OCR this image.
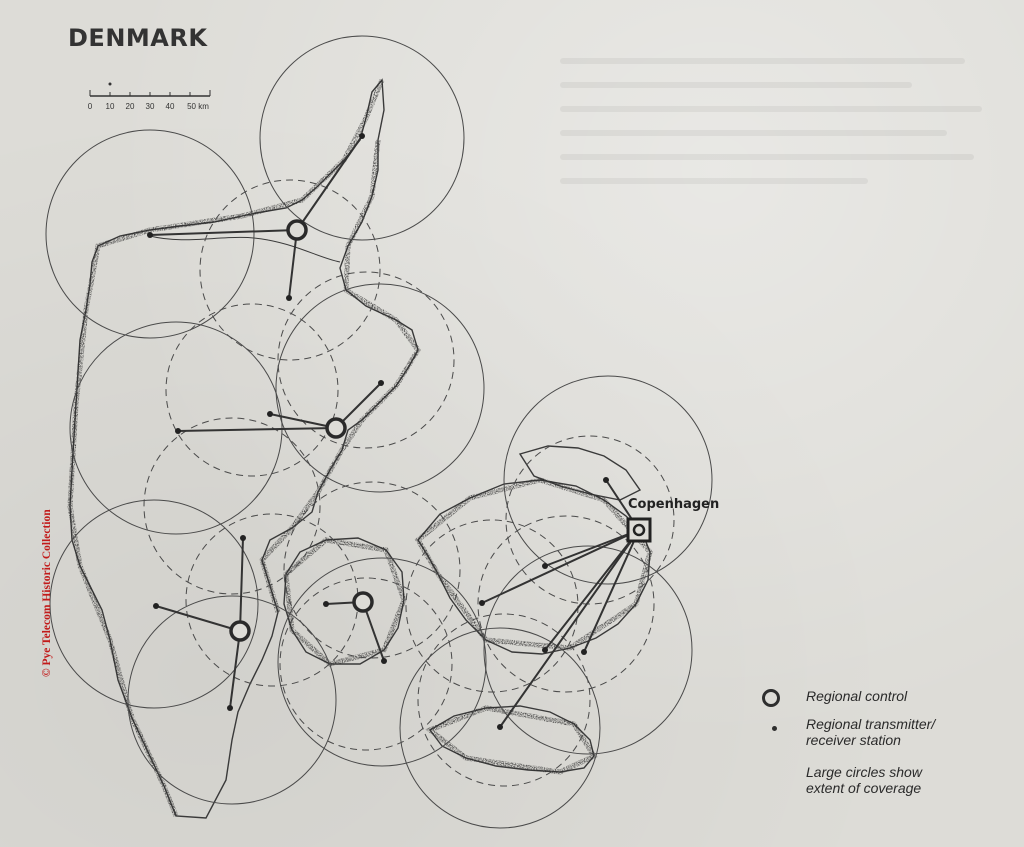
DENMARK
0 10 20 30 40 50 km
Copenhagen
© Pye Telecom Historic Collection
Regional control
Regional transmitter/
receiver station
Large circles show
extent of coverage
